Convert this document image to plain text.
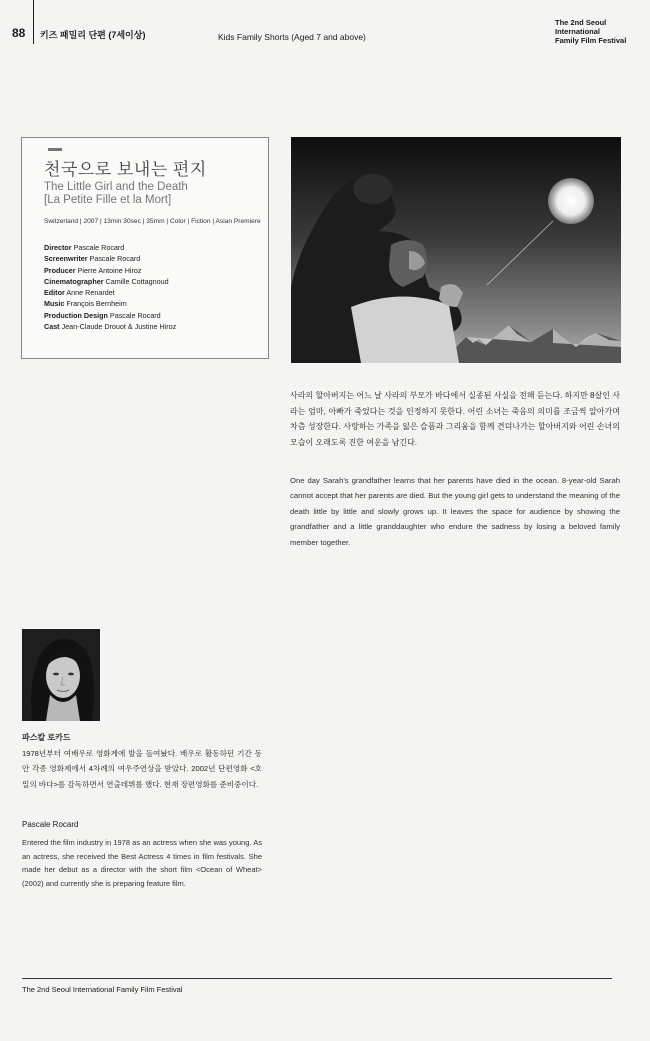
88 키즈 패밀리 단편 (7세이상)	Kids Family Shorts (Aged 7 and above)
The 2nd Seoul
International
Family Film Festival
천국으로 보내는 편지
The Little Girl and the Death
[La Petite Fille et la Mort]
Switzerland | 2007 | 13min 30sec | 35mm | Color | Fiction | Asian Premiere
Director Pascale Rocard
Screenwriter Pascale Rocard
Producer Pierre Antoine Hiroz
Cinematographer Camille Cottagnoud
Editor Anne Renardet
Music François Bernheim
Production Design Pascale Rocard
Cast Jean-Claude Drouot & Justine Hiroz
사라의 할아버지는 어느 날 사라의 부모가 바다에서 실종된 사실을 전해 듣는다. 하지만 8살인 사라는 엄마, 아빠가 죽었다는 것을 인정하지 못한다. 어린 소녀는 죽음의 의미를 조금씩 알아가며 차츰 성장한다. 사랑하는 가족을 잃은 슬픔과 그리움을 함께 견뎌나가는 할아버지와 어린 손녀의 모습이 오래도록 진한 여운을 남긴다.
One day Sarah's grandfather learns that her parents have died in the ocean. 8-year-old Sarah cannot accept that her parents are died. But the young girl gets to understand the meaning of the death little by little and slowly grows up. It leaves the space for audience by showing the grandfather and a little granddaughter who endure the sadness by losing a beloved family member together.
파스칼 로카드
1978년부터 여배우로 영화계에 발을 들여놨다. 배우로 활동하던 기간 동안 각종 영화제에서 4차례의 여우주연상을 받았다. 2002년 단편영화 <호밀의 바다>를 감독하면서 연출데뷔를 했다. 현재 장편영화를 준비중이다.
Pascale Rocard
Entered the film industry in 1978 as an actress when she was young. As an actress, she received the Best Actress 4 times in film festivals. She made her debut as a director with the short film <Ocean of Wheat>(2002) and currently she is preparing feature film.
The 2nd Seoul International Family Film Festival
